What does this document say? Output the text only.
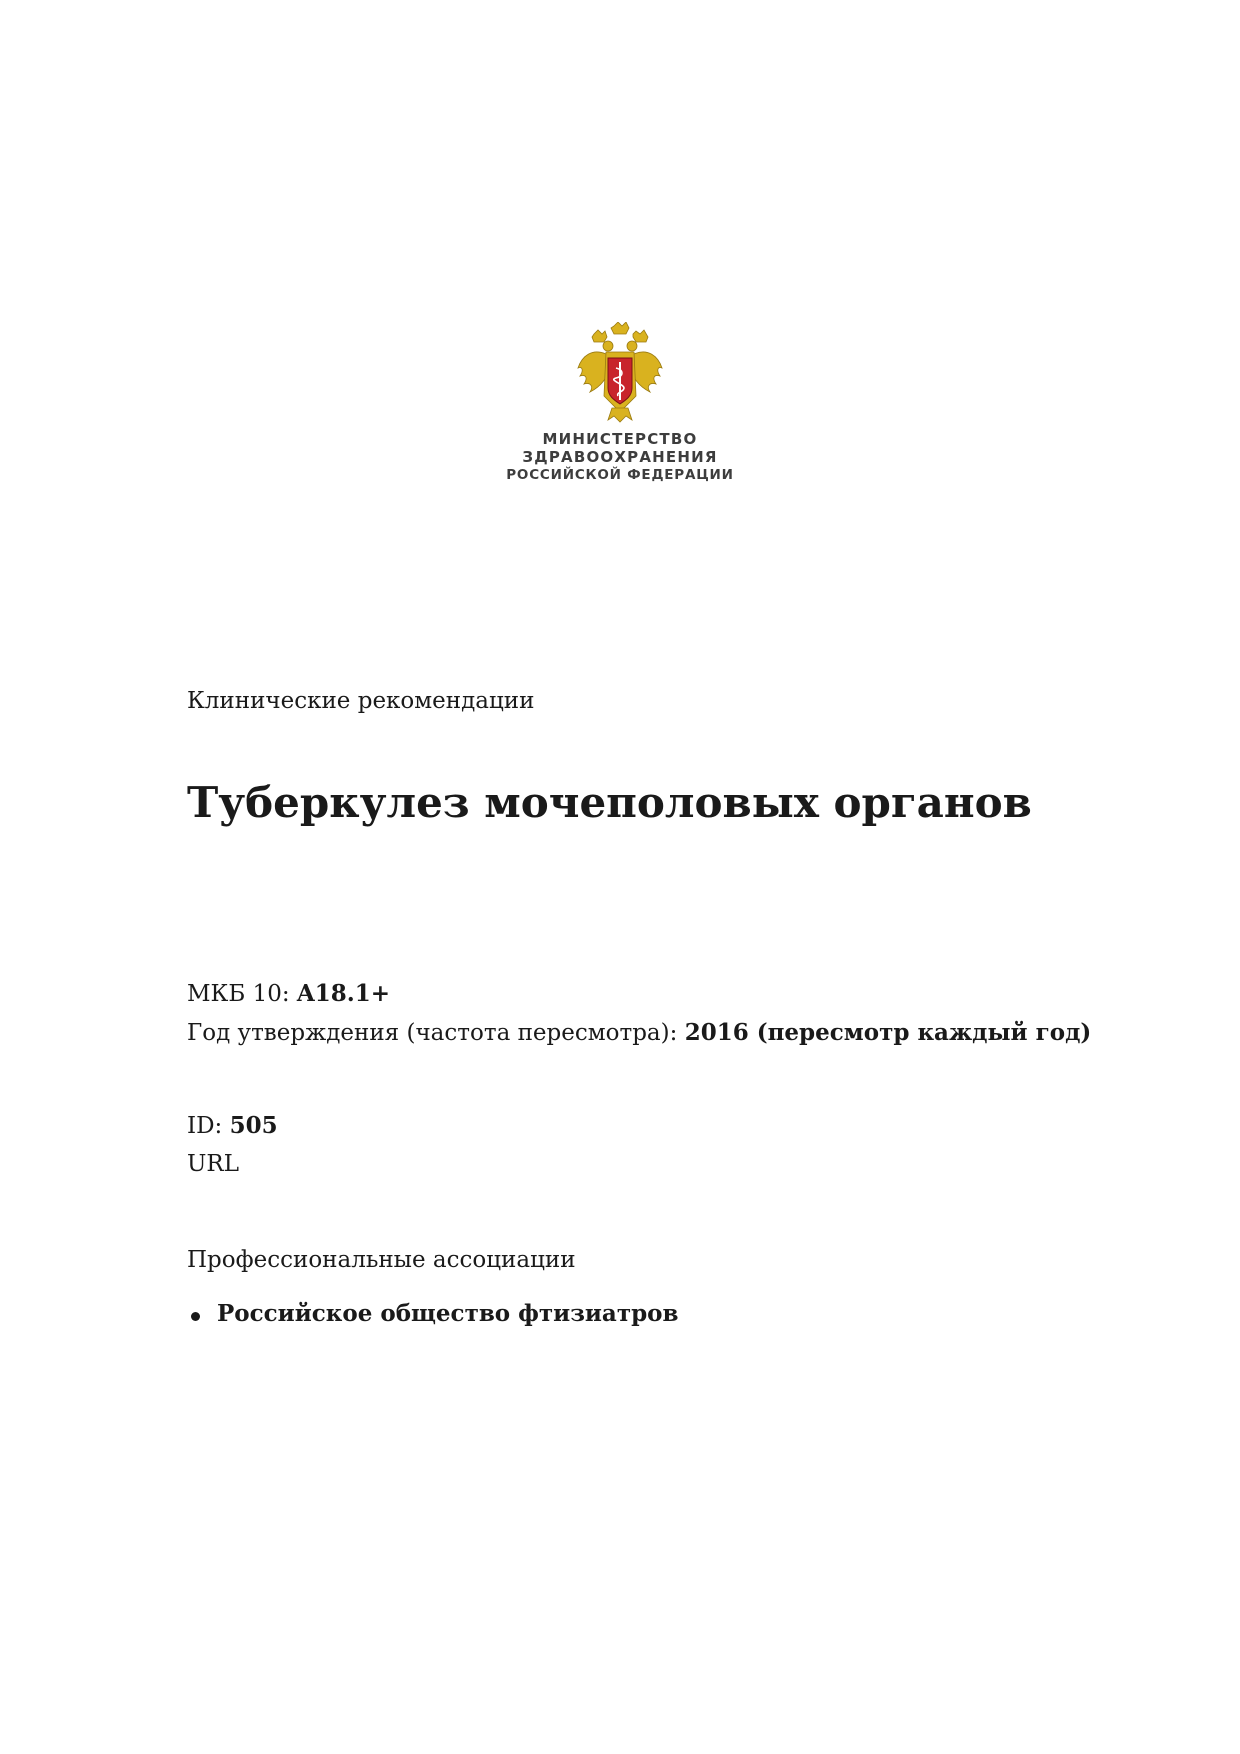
МИНИСТЕРСТВО
ЗДРАВООХРАНЕНИЯ
РОССИЙСКОЙ ФЕДЕРАЦИИ
Клинические рекомендации
Туберкулез мочеполовых органов
МКБ 10: A18.1+
Год утверждения (частота пересмотра): 2016 (пересмотр каждый год)
ID: 505
URL
Профессиональные ассоциации
Российское общество фтизиатров
